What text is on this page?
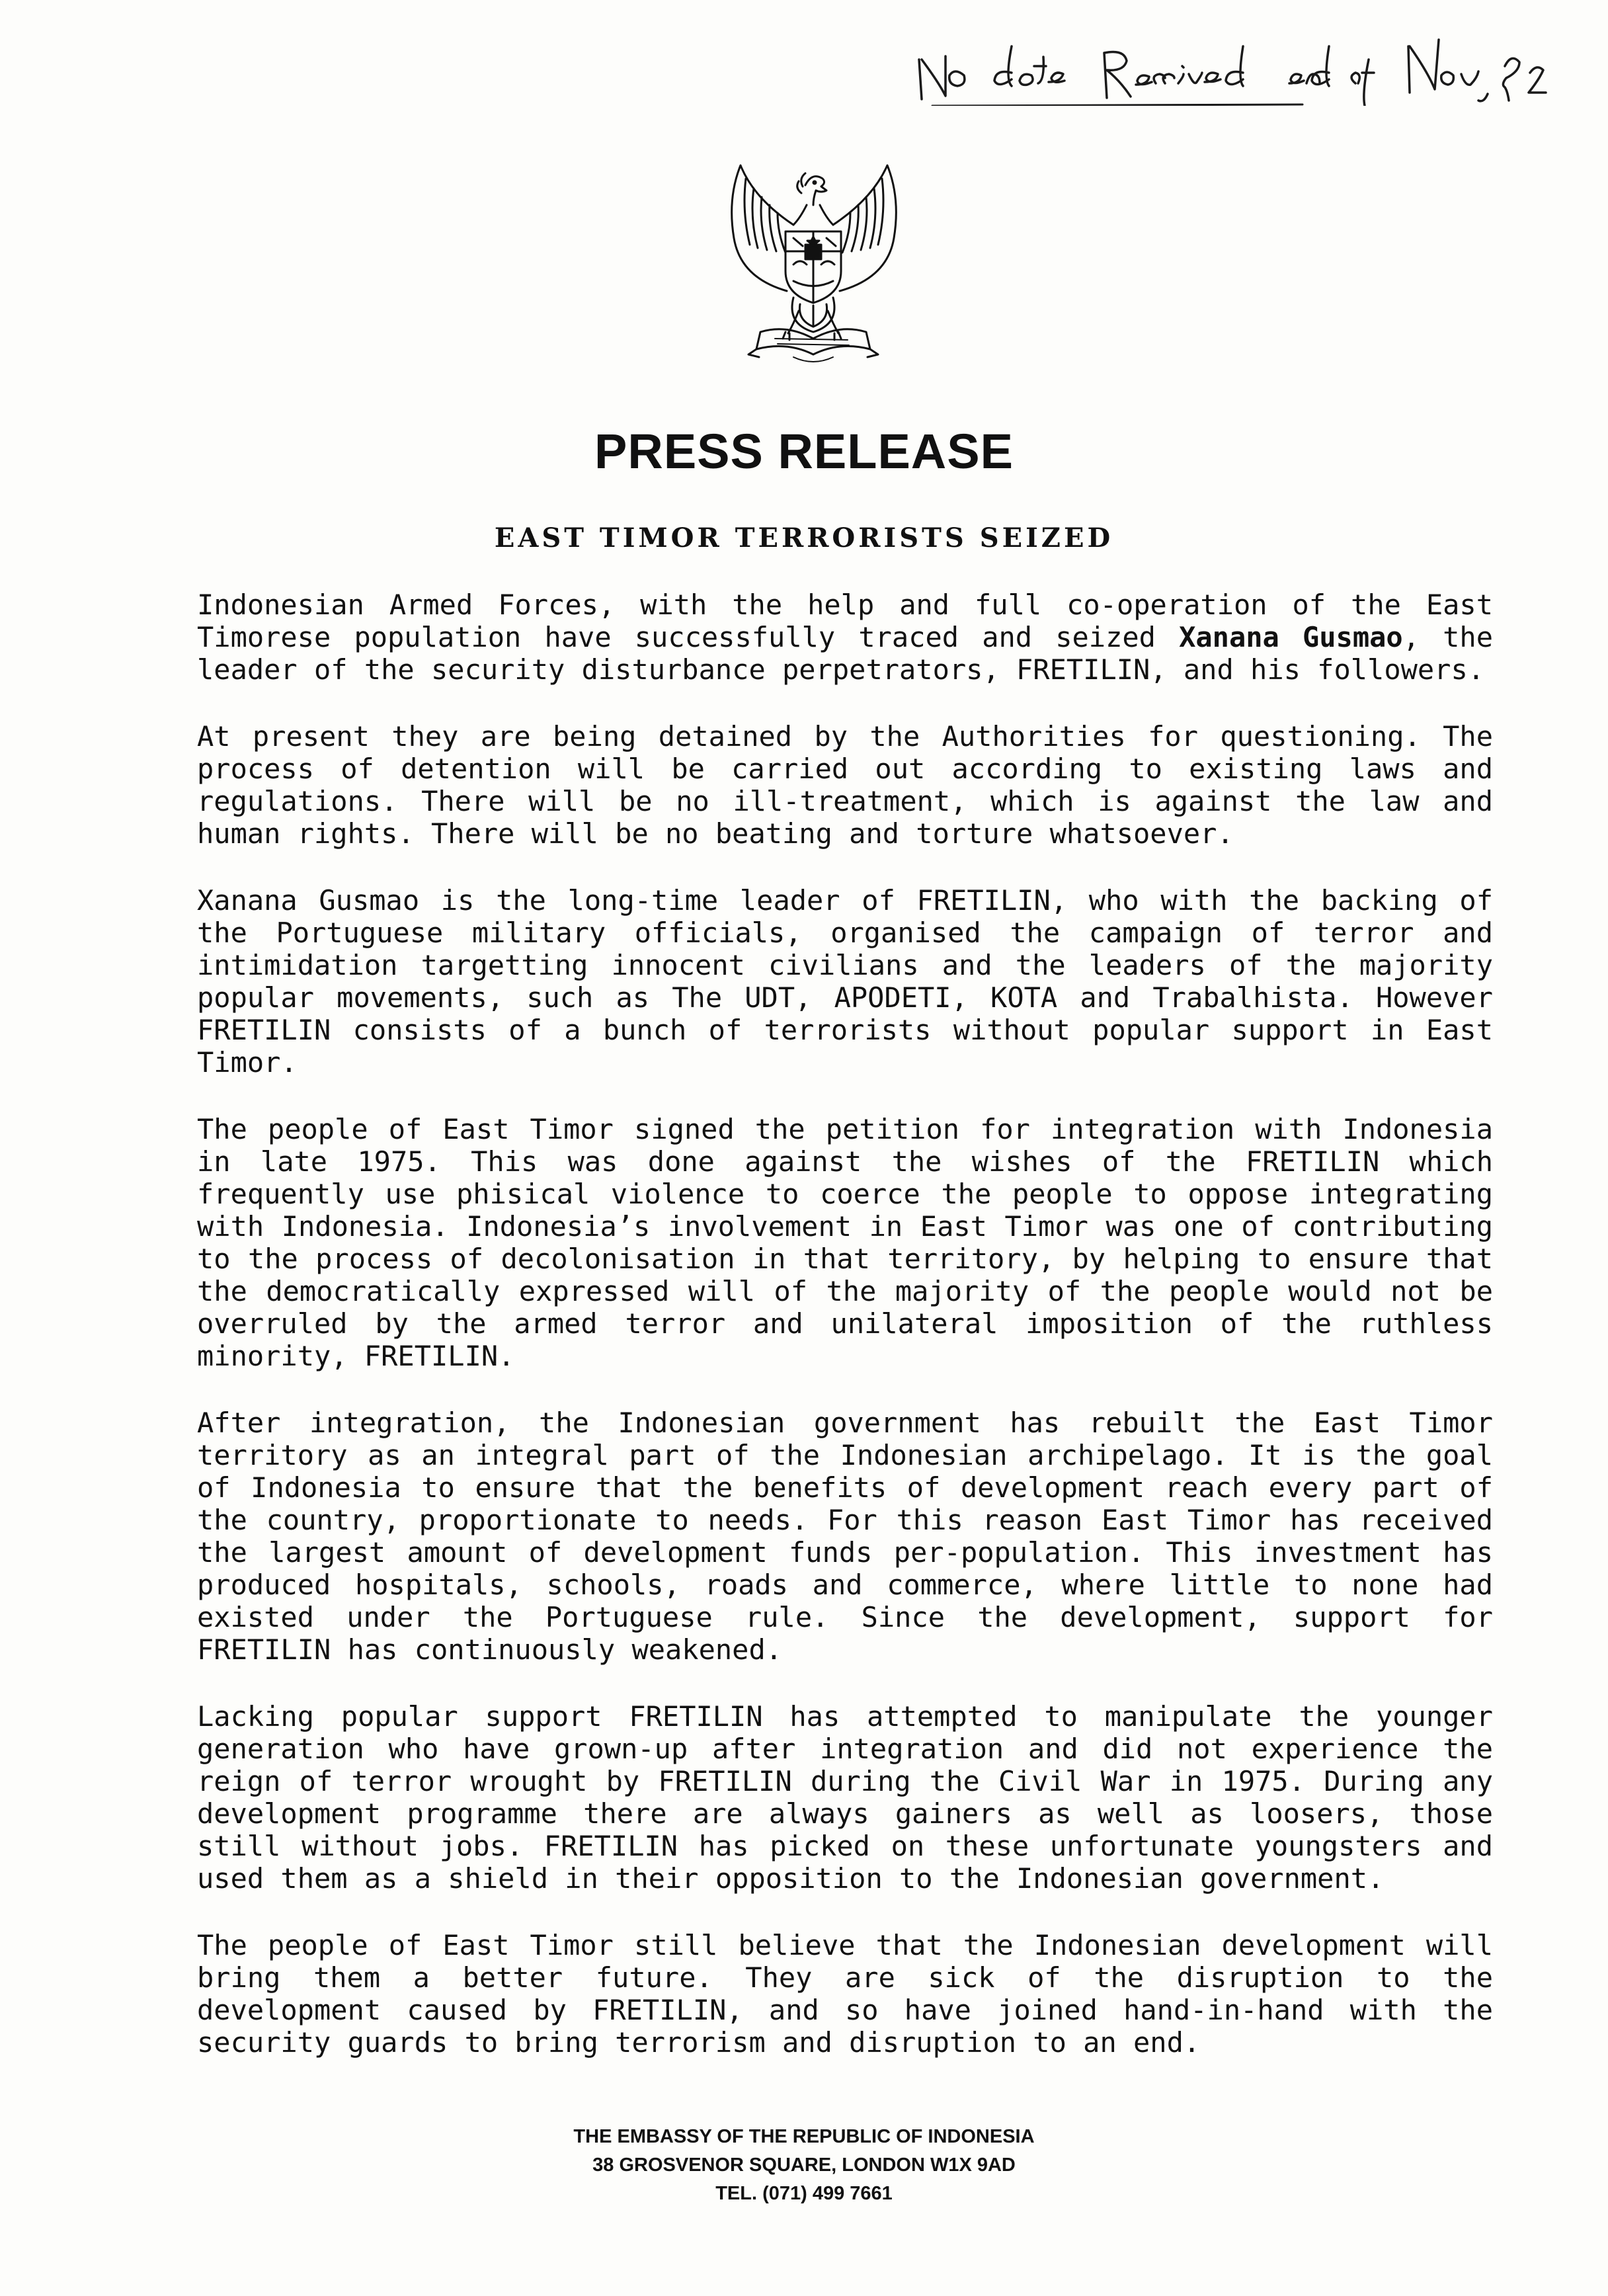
PRESS RELEASE
EAST TIMOR TERRORISTS SEIZED

Indonesian Armed Forces, with the help and full co-operation of the East Timorese population have successfully traced and seized Xanana Gusmao, the leader of the security disturbance perpetrators, FRETILIN, and his followers.

At present they are being detained by the Authorities for questioning. The process of detention will be carried out according to existing laws and regulations. There will be no ill-treatment, which is against the law and human rights. There will be no beating and torture whatsoever.

Xanana Gusmao is the long-time leader of FRETILIN, who with the backing of the Portuguese military officials, organised the campaign of terror and intimidation targetting innocent civilians and the leaders of the majority popular movements, such as The UDT, APODETI, KOTA and Trabalhista. However FRETILIN consists of a bunch of terrorists without popular support in East Timor.

The people of East Timor signed the petition for integration with Indonesia in late 1975. This was done against the wishes of the FRETILIN which frequently use phisical violence to coerce the people to oppose integrating with Indonesia. Indonesia’s involvement in East Timor was one of contributing to the process of decolonisation in that territory, by helping to ensure that the democratically expressed will of the majority of the people would not be overruled by the armed terror and unilateral imposition of the ruthless minority, FRETILIN.

After integration, the Indonesian government has rebuilt the East Timor territory as an integral part of the Indonesian archipelago. It is the goal of Indonesia to ensure that the benefits of development reach every part of the country, proportionate to needs. For this reason East Timor has received the largest amount of development funds per-population. This investment has produced hospitals, schools, roads and commerce, where little to none had existed under the Portuguese rule. Since the development, support for FRETILIN has continuously weakened.

Lacking popular support FRETILIN has attempted to manipulate the younger generation who have grown-up after integration and did not experience the reign of terror wrought by FRETILIN during the Civil War in 1975. During any development programme there are always gainers as well as loosers, those still without jobs. FRETILIN has picked on these unfortunate youngsters and used them as a shield in their opposition to the Indonesian government.

The people of East Timor still believe that the Indonesian development will bring them a better future. They are sick of the disruption to the development caused by FRETILIN, and so have joined hand-in-hand with the security guards to bring terrorism and disruption to an end.

THE EMBASSY OF THE REPUBLIC OF INDONESIA
38 GROSVENOR SQUARE, LONDON W1X 9AD
TEL. (071) 499 7661
